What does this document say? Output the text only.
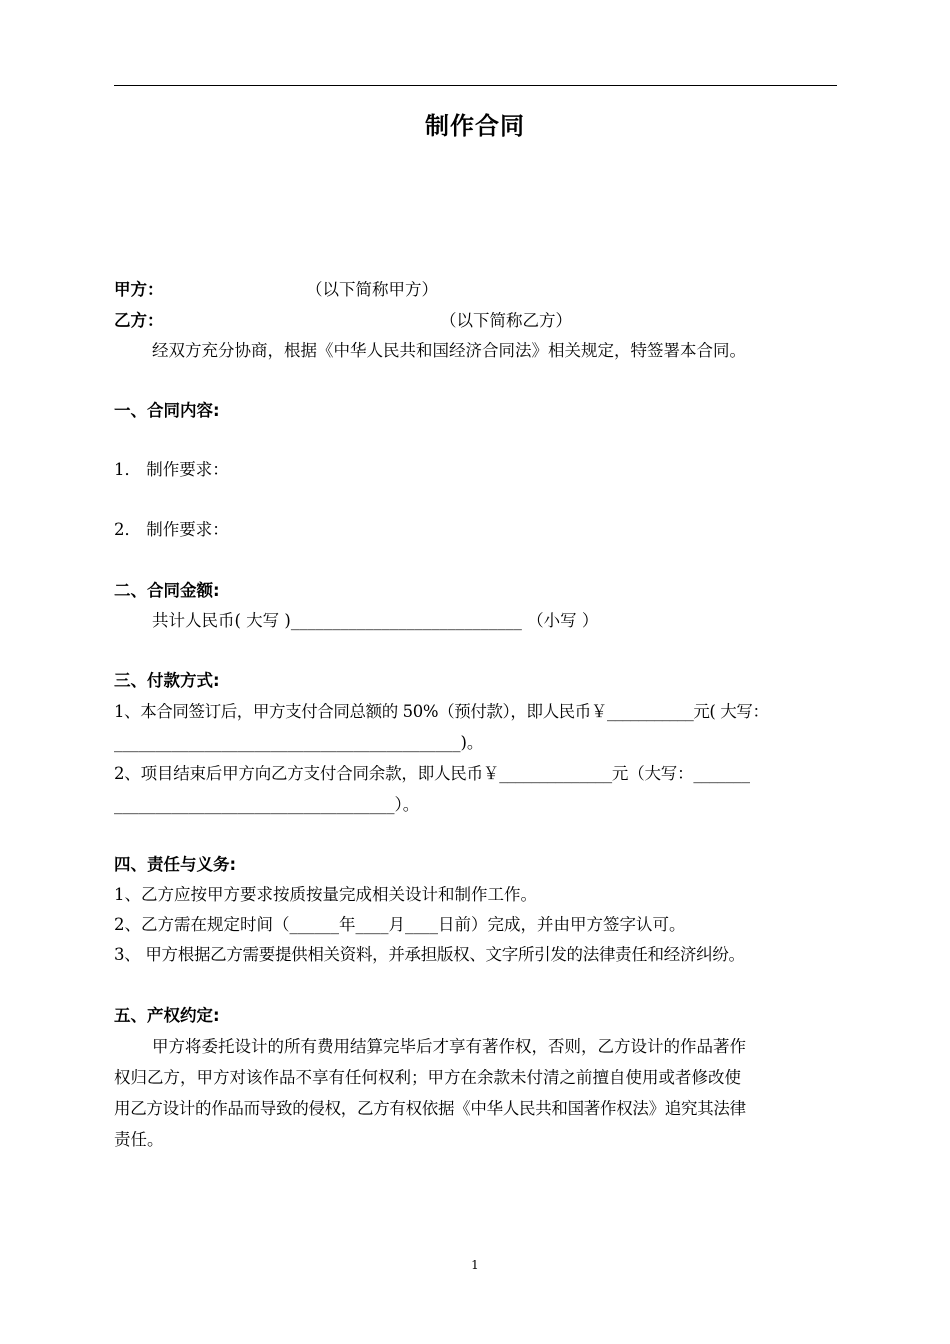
制作合同
甲方：	（以下简称甲方）
乙方：	（以下简称乙方）
经双方充分协商，根据《中华人民共和国经济合同法》相关规定，特签署本合同。
一、合同内容:
1． 制作要求：
2． 制作要求：
二、合同金额:
共计人民币( 大写 )____________________________ （小写 ）
三、付款方式:
1、本合同签订后，甲方支付合同总额的 50%（预付款），即人民币￥___________元( 大写：
__________________________________________)。
2、项目结束后甲方向乙方支付合同余款，即人民币￥______________元（大写：_______
__________________________________）。
四、责任与义务:
1、乙方应按甲方要求按质按量完成相关设计和制作工作。
2、乙方需在规定时间（______年____月____日前）完成，并由甲方签字认可。
3、 甲方根据乙方需要提供相关资料，并承担版权、文字所引发的法律责任和经济纠纷。
五、产权约定:
甲方将委托设计的所有费用结算完毕后才享有著作权，否则，乙方设计的作品著作
权归乙方，甲方对该作品不享有任何权利；甲方在余款未付清之前擅自使用或者修改使
用乙方设计的作品而导致的侵权，乙方有权依据《中华人民共和国著作权法》追究其法律
责任。
1
